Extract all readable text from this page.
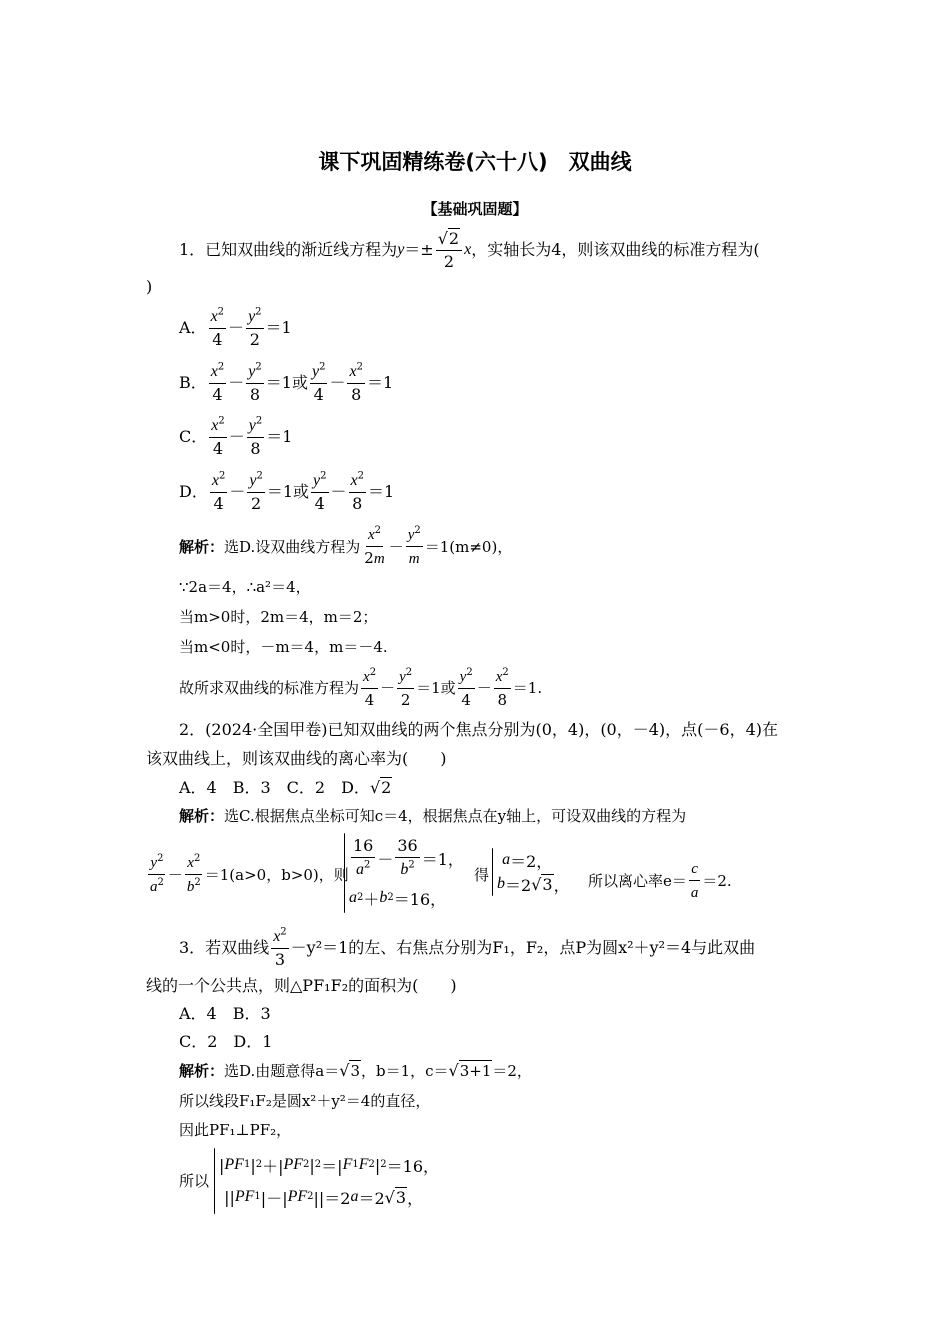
课下巩固精练卷(六十八)　双曲线
【基础巩固题】
1．已知双曲线的渐近线方程为 $y =\pm \frac{√ 2}{2}$ x ，实轴长为4，则该双曲线的标准方程为(
)
A． $\frac{x^2}{4} - \frac{y^2}{2} =1$
B． $\frac{x^2}{4} - \frac{y^2}{8} =1$ 或 $\frac{y^2}{4} - \frac{x^2}{8} =1$
C． $\frac{x^2}{4} - \frac{y^2}{8} =1$
D． $\frac{x^2}{4} - \frac{y^2}{2} =1$ 或 $\frac{y^2}{4} - \frac{x^2}{8} =1$
解析： 选D.设双曲线方程为 $\frac{x^2}{2m} - \frac{y^2}{m} =1(m\ne 0)$，
∵2a＝4，∴a²＝4，
当m>0时，2m＝4，m＝2；
当m<0时，－m＝4，m＝－4.
故所求双曲线的标准方程为 $\frac{x^2}{4} - \frac{y^2}{2} =1$或 $\frac{y^2}{4} - \frac{x^2}{8} =1$.
2．(2024·全国甲卷)已知双曲线的两个焦点分别为(0，4)，(0，－4)，点(－6，4)在
该双曲线上，则该双曲线的离心率为(　　)
A．4　B．3　C．2　D． √ 2
解析： 选C.根据焦点坐标可知c＝4，根据焦点在y轴上，可设双曲线的方程为
$\frac{y^2}{a^2} - \frac{x^2}{b^2} =1(a>0$，b>0)，则 $\frac{16}{a^2} - \frac{36}{b^2} =1$，
a 2 ＋ b 2 ＝16，
得

a ＝2，
b ＝2 √ 3 ， 所以离心率$e= \frac{c}{a} =2$.
3．若双曲线 $\frac{x^2}{3} -y^2=1$的左、右焦点分别为F₁，F₂，点P为圆x²＋y²＝4与此双曲
线的一个公共点，则△PF₁F₂的面积为(　　)
A．4　B．3
C．2　D．1
解析： 选D.由题意得a＝ √ 3 ，b＝1，c＝ √ 3+1 ＝2，
所以线段F₁F₂是圆x²＋y²＝4的直径，
因此PF₁⊥PF₂，
所以
| PF 1 | 2 ＋| PF 2 | 2 ＝| F 1 F 2 | 2 ＝16，
|| PF 1 |－| PF 2 ||＝2 a ＝2 √ 3 ，
